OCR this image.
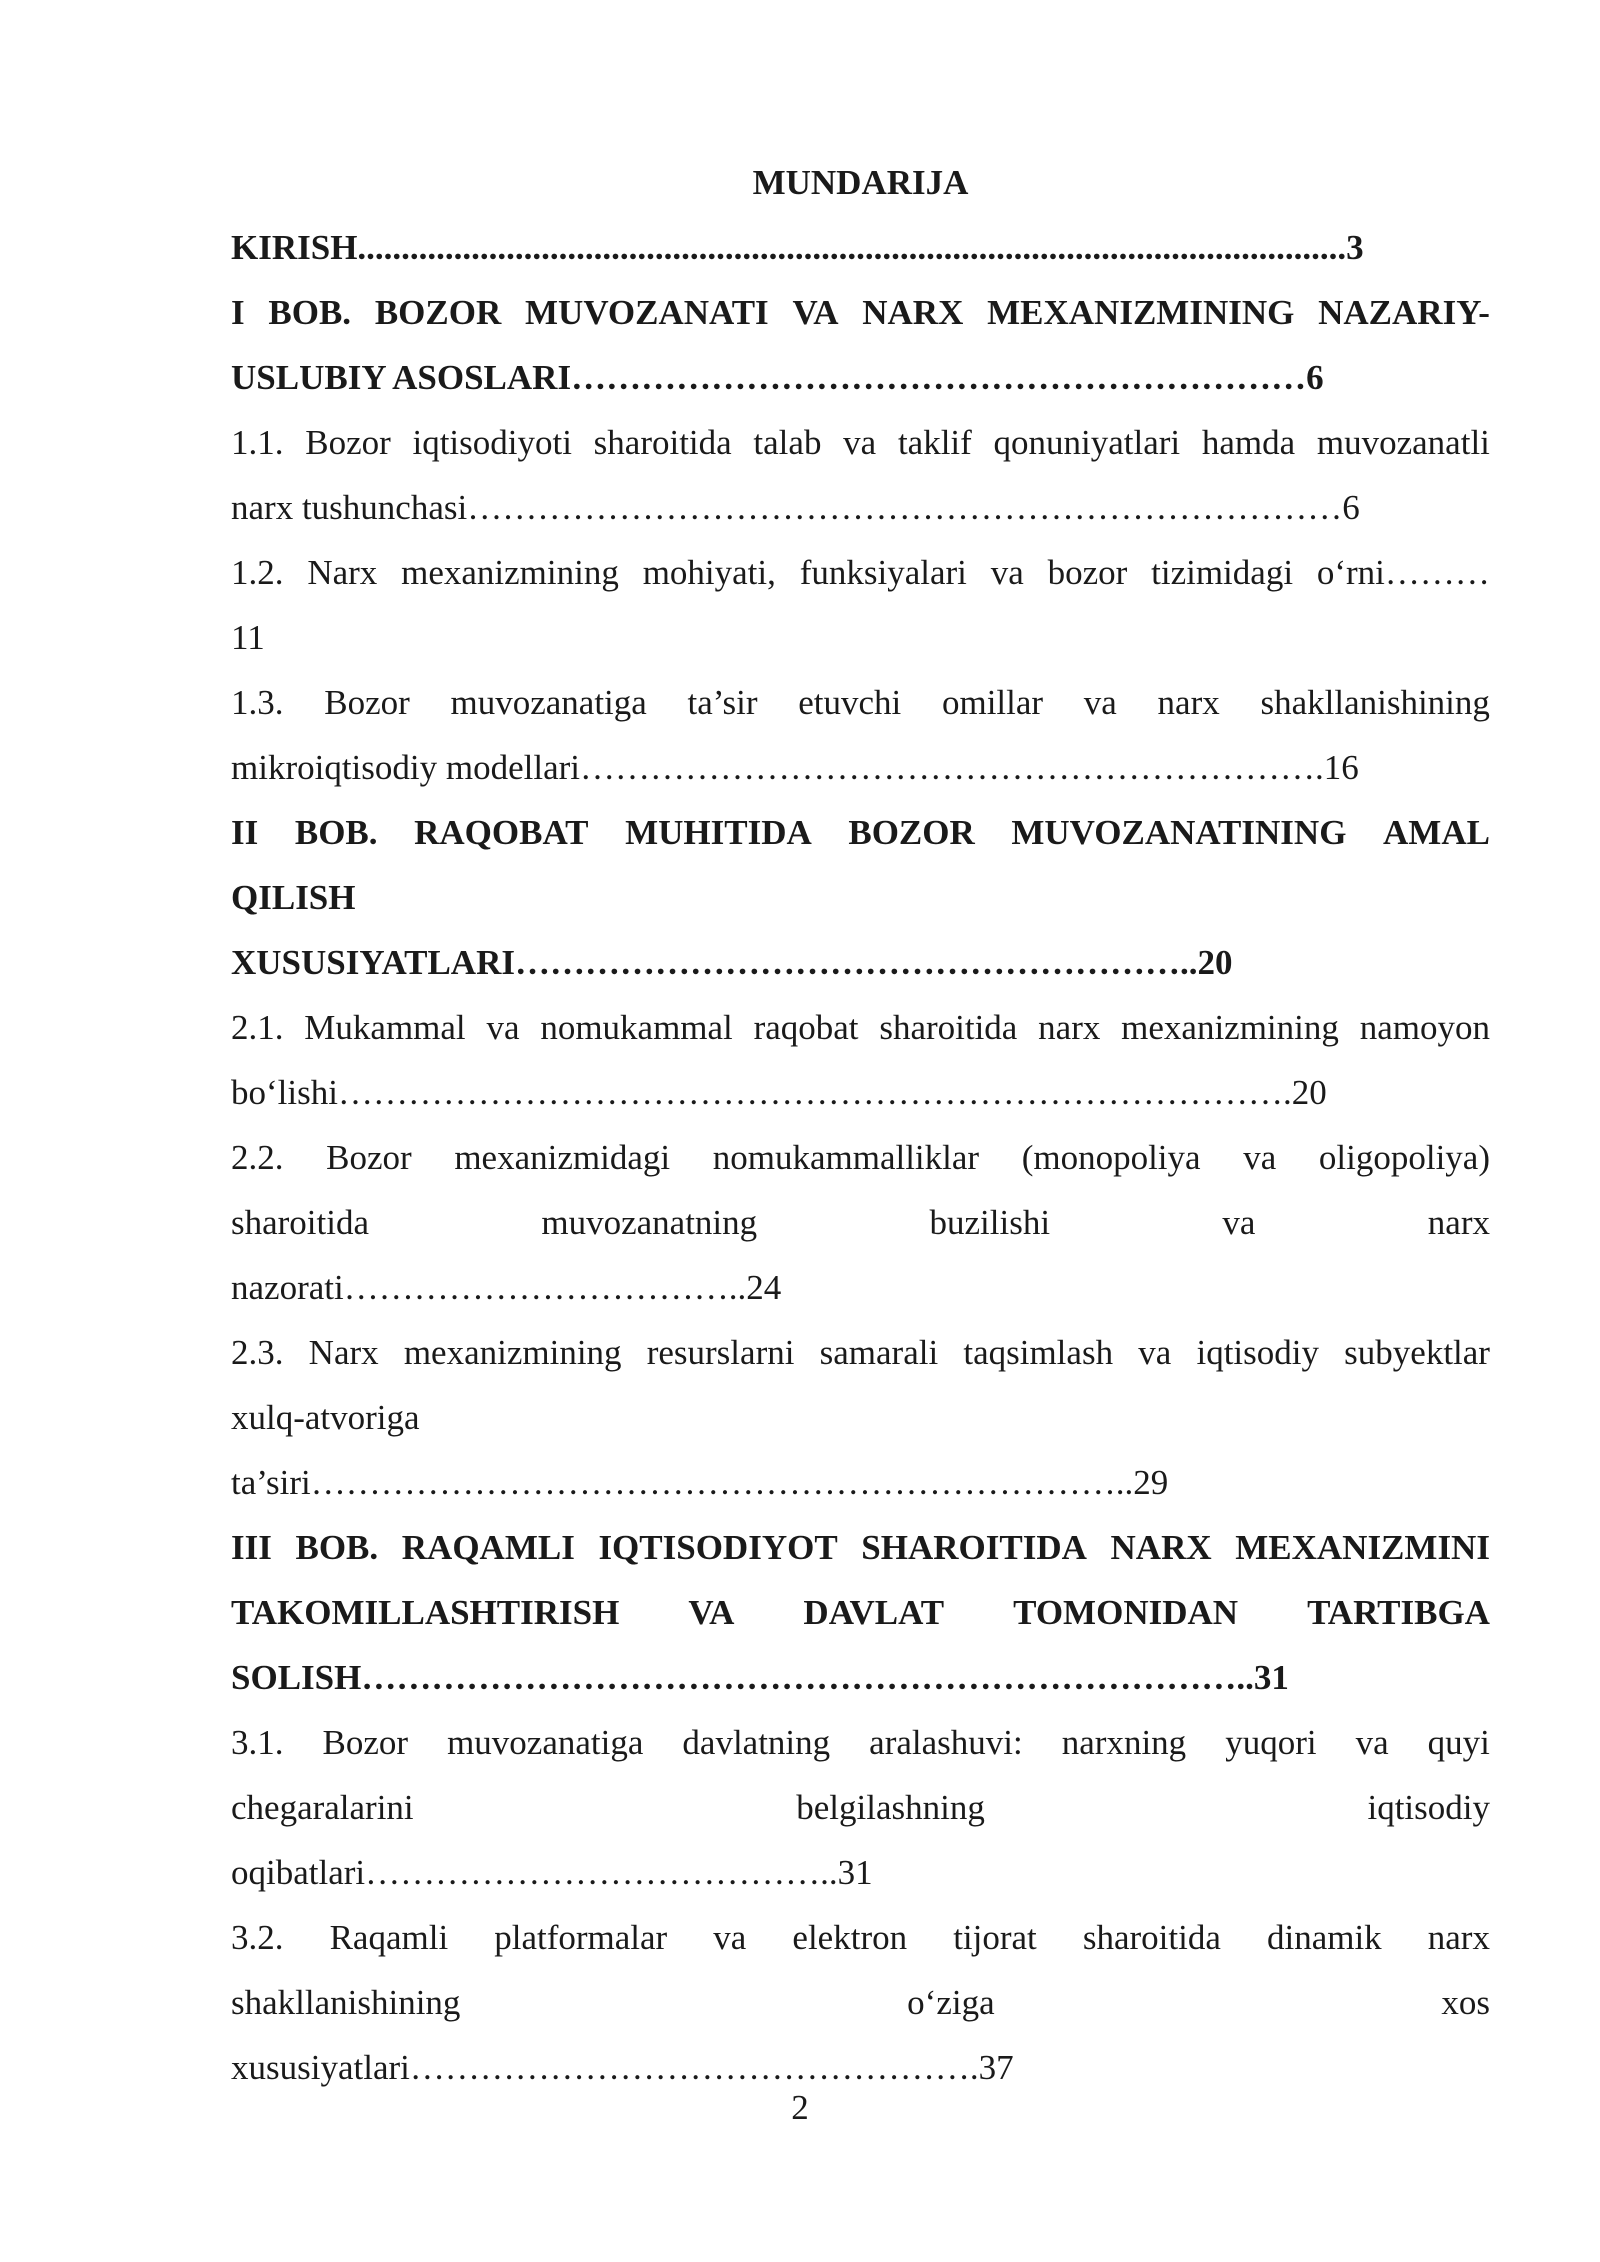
MUNDARIJA
KIRISH.................................................................................................................3
I BOB. BOZOR MUVOZANATI VA NARX MEXANIZMINING NAZARIY-
USLUBIY ASOSLARI………………………………………………………6
1.1. Bozor iqtisodiyoti sharoitida talab va taklif qonuniyatlari hamda muvozanatli
narx tushunchasi…………………………………………………………………6
1.2. Narx mexanizmining mohiyati, funksiyalari va bozor tizimidagi o‘rni………
11
1.3. Bozor muvozanatiga ta’sir etuvchi omillar va narx shakllanishining
mikroiqtisodiy modellari……………………………………………………….16
II BOB. RAQOBAT MUHITIDA BOZOR MUVOZANATINING AMAL
QILISH
XUSUSIYATLARI…………………………………………………..20
2.1. Mukammal va nomukammal raqobat sharoitida narx mexanizmining namoyon
bo‘lishi……………………………………………………………………….20
2.2. Bozor mexanizmidagi nomukammalliklar (monopoliya va oligopoliya)
sharoitida	muvozanatning	buzilishi	va	narx
nazorati……………………………..24
2.3. Narx mexanizmining resurslarni samarali taqsimlash va iqtisodiy subyektlar
xulq-atvoriga
ta’siri……………………………………………………………..29
III BOB. RAQAMLI IQTISODIYOT SHAROITIDA NARX MEXANIZMINI
TAKOMILLASHTIRISH VA DAVLAT TOMONIDAN TARTIBGA
SOLISH…………………………………………………………………..31
3.1. Bozor muvozanatiga davlatning aralashuvi: narxning yuqori va quyi
chegaralarini	belgilashning	iqtisodiy
oqibatlari…………………………………..31
3.2. Raqamli platformalar va elektron tijorat sharoitida dinamik narx
shakllanishining	o‘ziga	xos
xususiyatlari………………………………………….37
2
